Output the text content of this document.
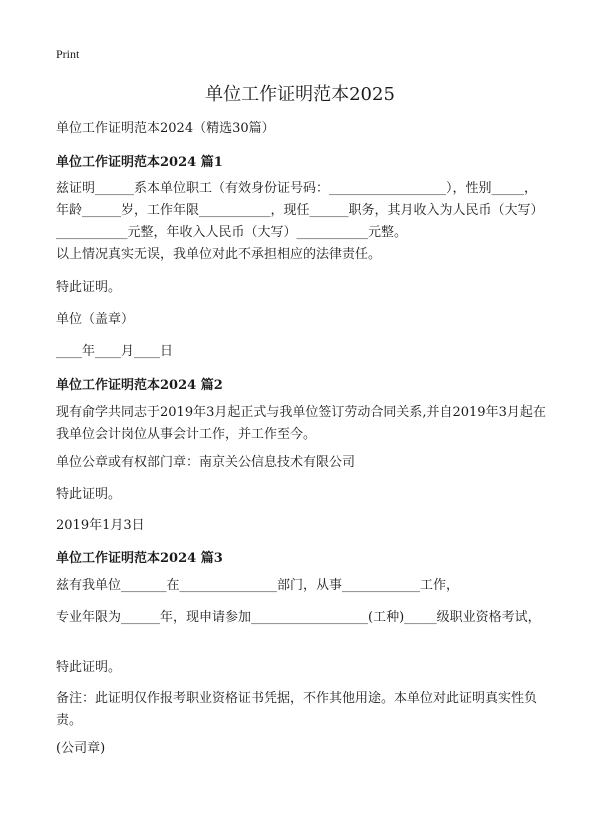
Print
单位工作证明范本2025

单位工作证明范本2024（精选30篇）

单位工作证明范本2024 篇1

兹证明______系本单位职工（有效身份证号码：__________________），性别_____，年龄______岁，工作年限___________，现任______职务，其月收入为人民币（大写）___________元整，年收入人民币（大写）___________元整。

以上情况真实无误，我单位对此不承担相应的法律责任。

特此证明。

单位（盖章）

____年____月____日

单位工作证明范本2024 篇2

现有俞学共同志于2019年3月起正式与我单位签订劳动合同关系,并自2019年3月起在我单位会计岗位从事会计工作，并工作至今。

单位公章或有权部门章：南京关公信息技术有限公司

特此证明。

2019年1月3日

单位工作证明范本2024 篇3

兹有我单位_______在_______________部门，从事____________工作，

专业年限为______年，现申请参加__________________(工种)_____级职业资格考试，

特此证明。

备注：此证明仅作报考职业资格证书凭据，不作其他用途。本单位对此证明真实性负责。

(公司章)
